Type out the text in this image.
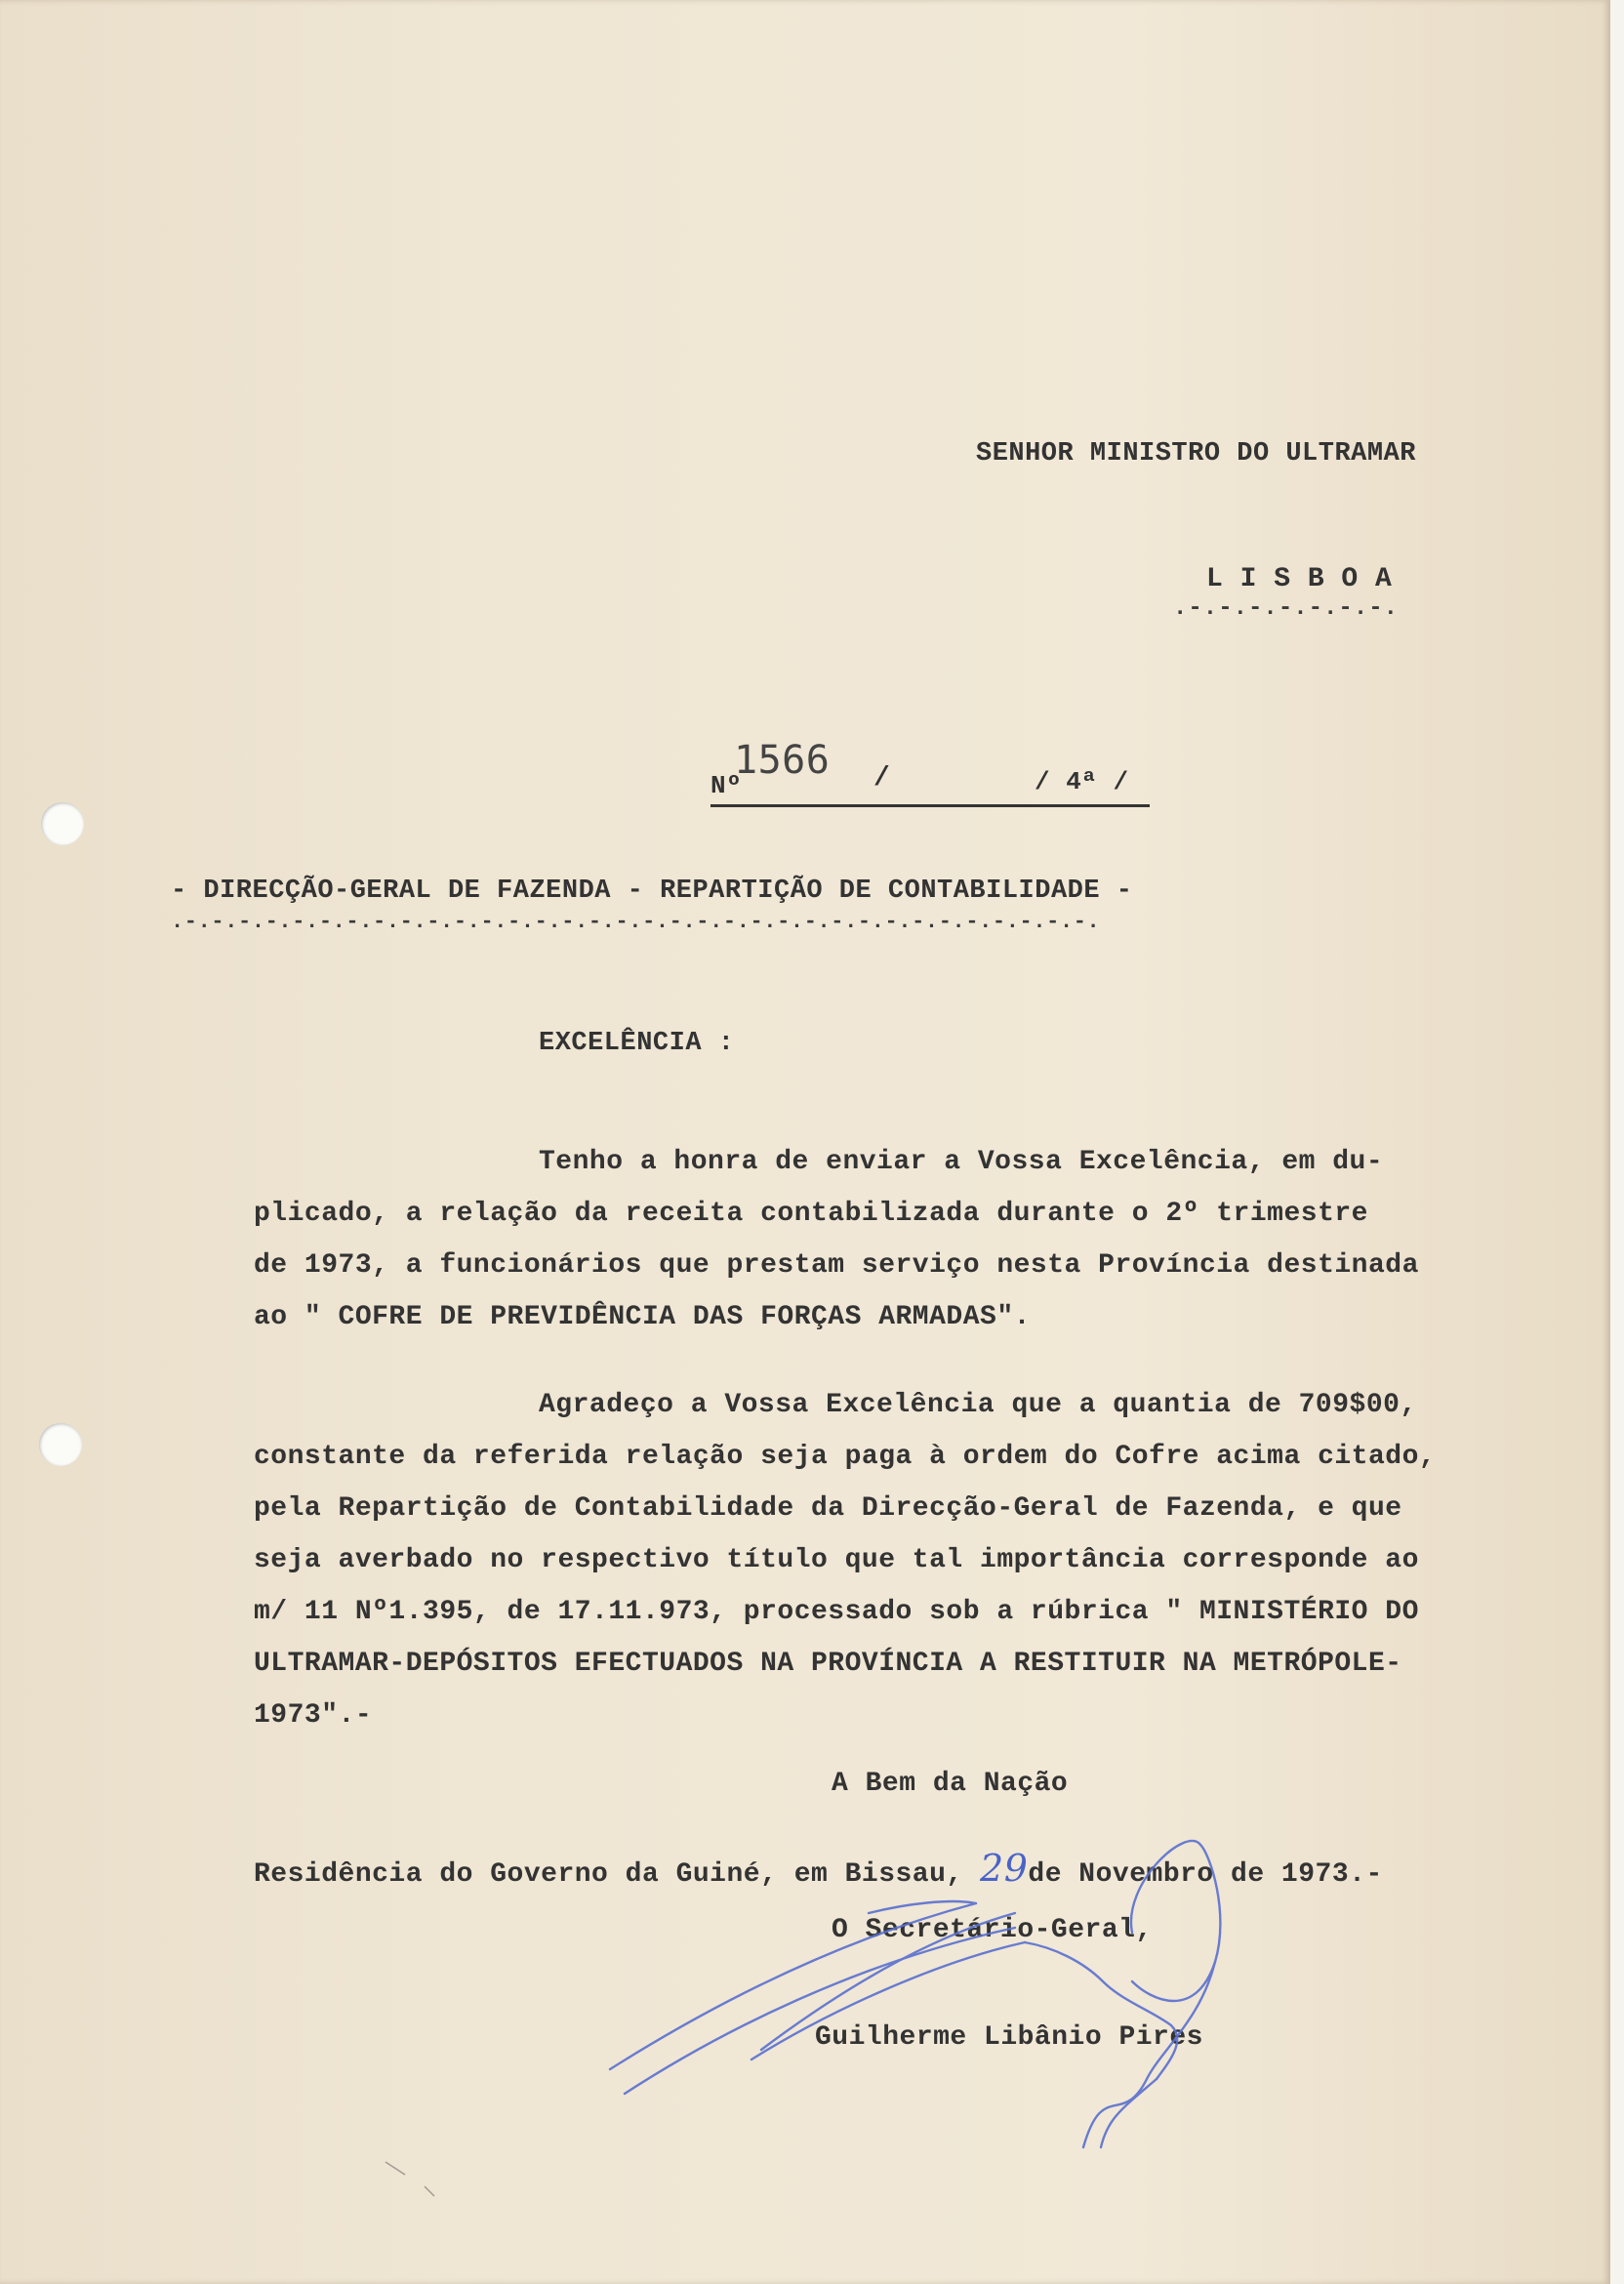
SENHOR MINISTRO DO ULTRAMAR
L I S B O A
.-.-.-.-.-.-.-.
Nº
1566 /	/ 4ª /
- DIRECÇÃO-GERAL DE FAZENDA - REPARTIÇÃO DE CONTABILIDADE -
.-.-.-.-.-.-.-.-.-.-.-.-.-.-.-.-.-.-.-.-.-.-.-.-.-.-.-.-.-.-.-.-.-.-.
EXCELÊNCIA :
Tenho a honra de enviar a Vossa Excelência, em du-
plicado, a relação da receita contabilizada durante o 2º trimestre
de 1973, a funcionários que prestam serviço nesta Província destinada
ao " COFRE DE PREVIDÊNCIA DAS FORÇAS ARMADAS".
Agradeço a Vossa Excelência que a quantia de 709$00,
constante da referida relação seja paga à ordem do Cofre acima citado,
pela Repartição de Contabilidade da Direcção-Geral de Fazenda, e que
seja averbado no respectivo título que tal importância corresponde ao
m/ 11 Nº1.395, de 17.11.973, processado sob a rúbrica " MINISTÉRIO DO
ULTRAMAR-DEPÓSITOS EFECTUADOS NA PROVÍNCIA A RESTITUIR NA METRÓPOLE-
1973".-
A Bem da Nação
Residência do Governo da Guiné, em Bissau, 29de Novembro de 1973.-
O Secretário-Geral,
Guilherme Libânio Pires
